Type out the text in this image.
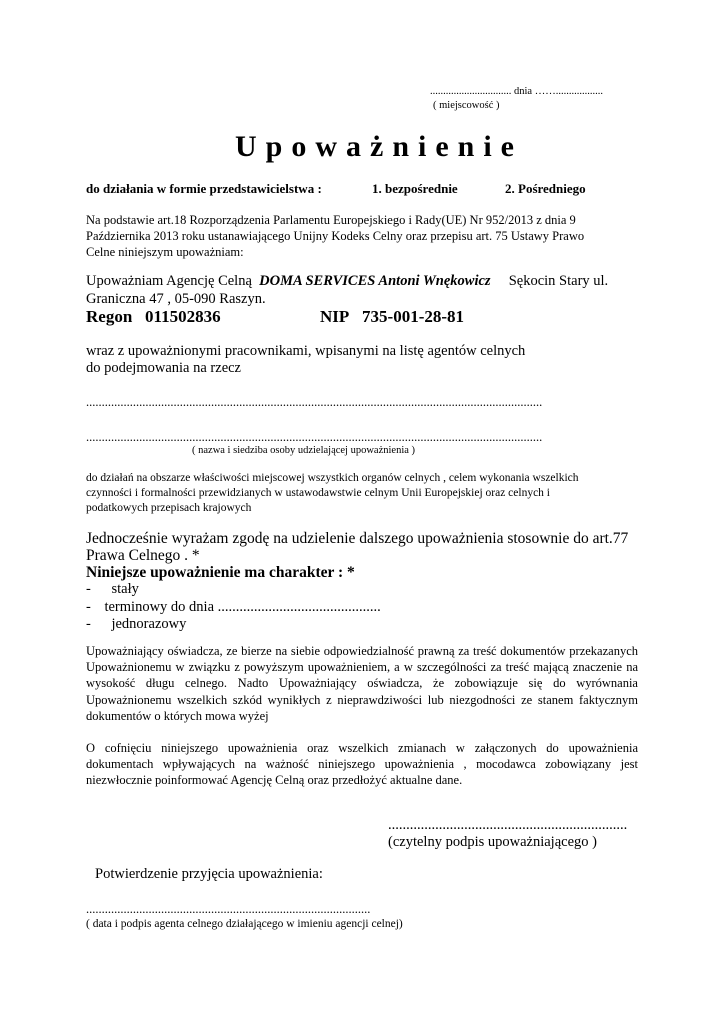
............................... dnia ……..................
( miejscowość )
Upoważnienie
do działania w formie przedstawicielstwa :	1. bezpośrednie	2. Pośredniego
Na podstawie art.18 Rozporządzenia Parlamentu Europejskiego i Rady(UE) Nr 952/2013 z dnia 9
Października 2013 roku ustanawiającego Unijny Kodeks Celny oraz przepisu art. 75 Ustawy Prawo
Celne niniejszym upoważniam:
Upoważniam Agencję Celną DOMA SERVICES Antoni Wnękowicz Sękocin Stary ul.
Graniczna 47 , 05-090 Raszyn.
Regon 011502836	NIP 735-001-28-81
wraz z upoważnionymi pracownikami, wpisanymi na listę agentów celnych
do podejmowania na rzecz
..................................................................................................................................................
..................................................................................................................................................
( nazwa i siedziba osoby udzielającej upoważnienia )
do działań na obszarze właściwości miejscowej wszystkich organów celnych , celem wykonania wszelkich
czynności i formalności przewidzianych w ustawodawstwie celnym Unii Europejskiej oraz celnych i
podatkowych przepisach krajowych
Jednocześnie wyrażam zgodę na udzielenie dalszego upoważnienia stosownie do art.77
Prawa Celnego . *
Niniejsze upoważnienie ma charakter : *
- stały
- terminowy do dnia .............................................
- jednorazowy
Upoważniający oświadcza, ze bierze na siebie odpowiedzialność prawną za treść dokumentów przekazanych Upoważnionemu w związku z powyższym upoważnieniem, a w szczególności za treść mającą znaczenie na wysokość długu celnego. Nadto Upoważniający oświadcza, że zobowiązuje się do wyrównania Upoważnionemu wszelkich szkód wynikłych z nieprawdziwości lub niezgodności ze stanem faktycznym dokumentów o których mowa wyżej
O cofnięciu niniejszego upoważnienia oraz wszelkich zmianach w załączonych do upoważnienia dokumentach wpływających na ważność niniejszego upoważnienia , mocodawca zobowiązany jest niezwłocznie poinformować Agencję Celną oraz przedłożyć aktualne dane.
..................................................................
(czytelny podpis upoważniającego )
Potwierdzenie przyjęcia upoważnienia:
...........................................................................................
( data i podpis agenta celnego działającego w imieniu agencji celnej)
